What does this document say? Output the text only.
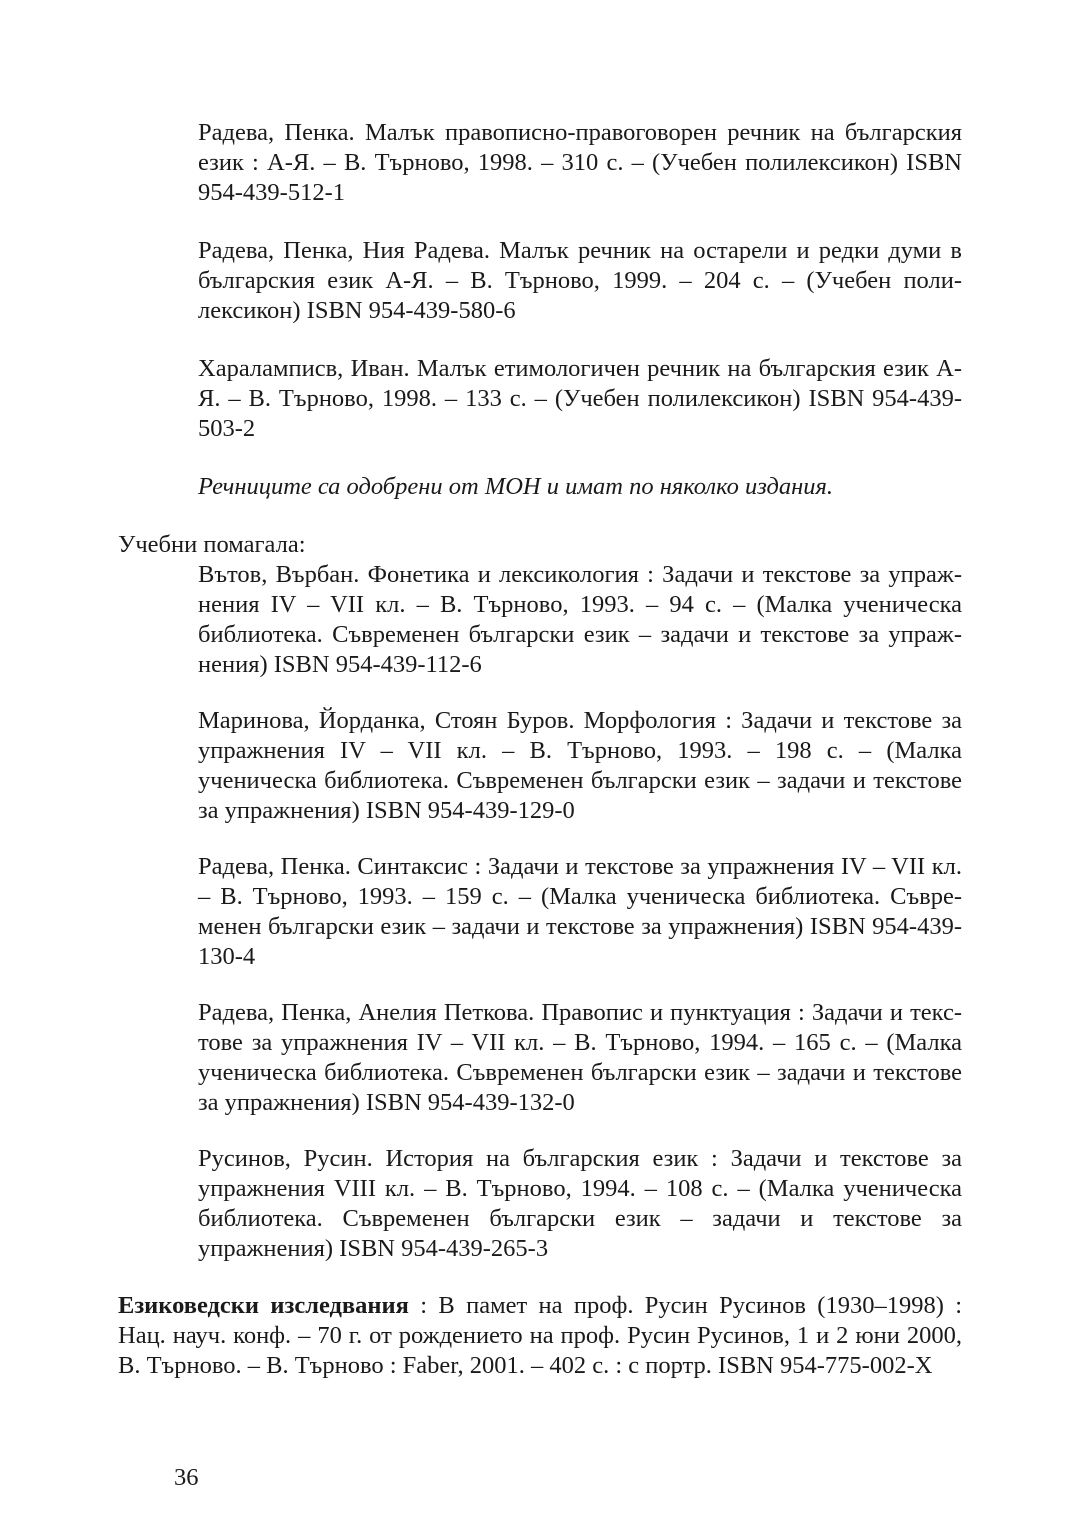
Радева, Пенка. Малък правописно-правоговорен речник на българския език : А-Я. – В. Търново, 1998. – 310 с. – (Учебен полилексикон) ISBN 954-439-512-1

Радева, Пенка, Ния Радева. Малък речник на остарели и редки думи в българския език А-Я. – В. Търново, 1999. – 204 с. – (Учебен полилексикон) ISBN 954-439-580-6

Хараламписв, Иван. Малък етимологичен речник на българския език А-Я. – В. Търново, 1998. – 133 с. – (Учебен полилексикон) ISBN 954-439-503-2

Речниците са одобрени от МОН и имат по няколко издания.

Учебни помагала:

Вътов, Върбан. Фонетика и лексикология : Задачи и текстове за упражнения IV – VII кл. – В. Търново, 1993. – 94 с. – (Малка ученическа библиотека. Съвременен български език – задачи и текстове за упражнения) ISBN 954-439-112-6

Маринова, Йорданка, Стоян Буров. Морфология : Задачи и текстове за упражнения IV – VII кл. – В. Търново, 1993. – 198 с. – (Малка ученическа библиотека. Съвременен български език – задачи и текстове за упражнения) ISBN 954-439-129-0

Радева, Пенка. Синтаксис : Задачи и текстове за упражнения IV – VII кл. – В. Търново, 1993. – 159 с. – (Малка ученическа библиотека. Съвременен български език – задачи и текстове за упражнения) ISBN 954-439-130-4

Радева, Пенка, Анелия Петкова. Правопис и пунктуация : Задачи и текстове за упражнения IV – VII кл. – В. Търново, 1994. – 165 с. – (Малка ученическа библиотека. Съвременен български език – задачи и текстове за упражнения) ISBN 954-439-132-0

Русинов, Русин. История на българския език : Задачи и текстове за упражнения VIII кл. – В. Търново, 1994. – 108 с. – (Малка ученическа библиотека. Съвременен български език – задачи и текстове за упражнения) ISBN 954-439-265-3

Езиковедски изследвания : В памет на проф. Русин Русинов (1930–1998) : Нац. науч. конф. – 70 г. от рождението на проф. Русин Русинов, 1 и 2 юни 2000, В. Търново. – В. Търново : Faber, 2001. – 402 с. : с портр. ISBN 954-775-002-X

36
